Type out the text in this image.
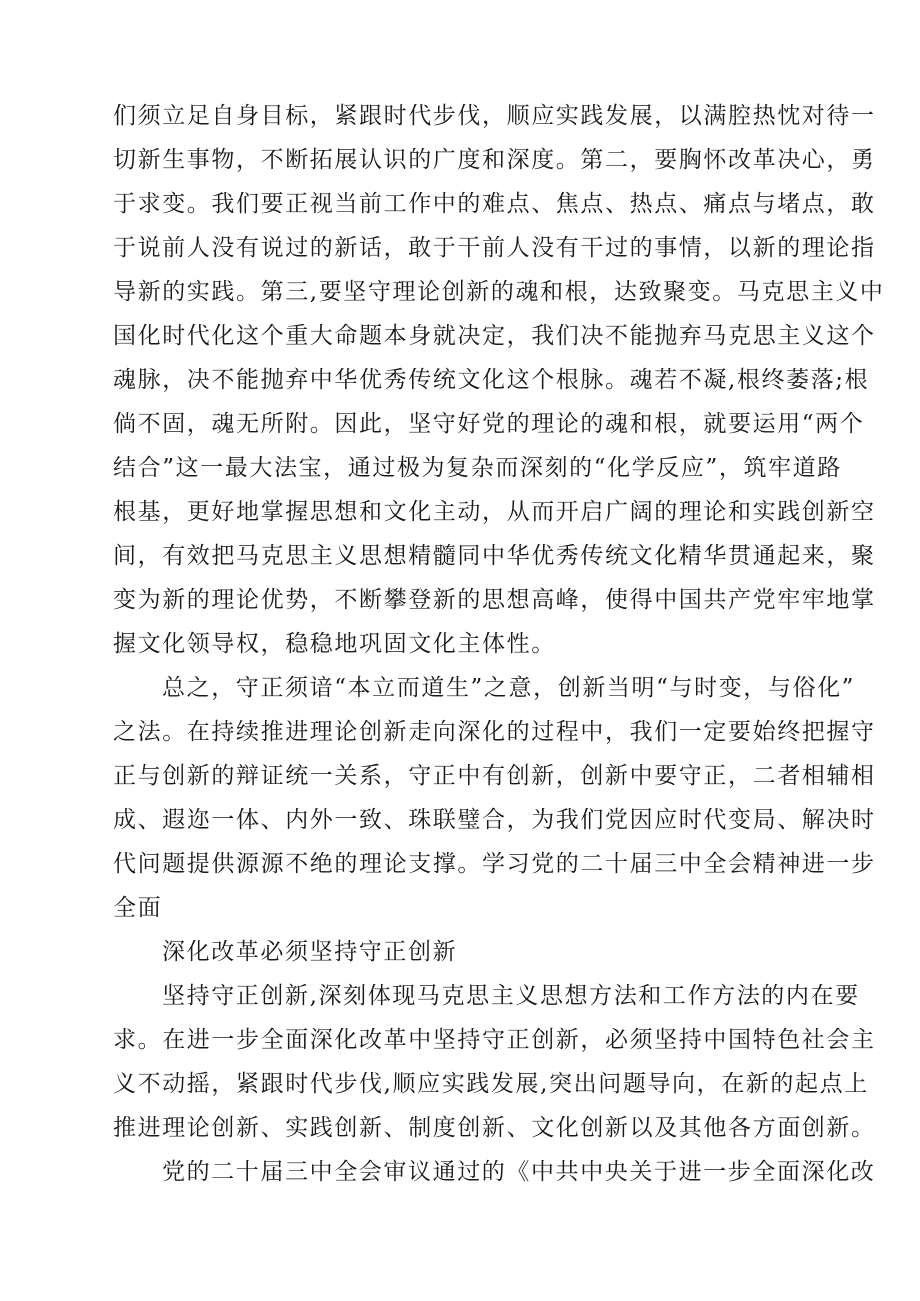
们须立足自身目标，紧跟时代步伐，顺应实践发展，以满腔热忱对待一
切新生事物，不断拓展认识的广度和深度。第二，要胸怀改革决心，勇
于求变。我们要正视当前工作中的难点、焦点、热点、痛点与堵点，敢
于说前人没有说过的新话，敢于干前人没有干过的事情，以新的理论指
导新的实践。第三,要坚守理论创新的魂和根，达致聚变。马克思主义中
国化时代化这个重大命题本身就决定，我们决不能抛弃马克思主义这个
魂脉，决不能抛弃中华优秀传统文化这个根脉。魂若不凝,根终萎落;根
倘不固，魂无所附。因此，坚守好党的理论的魂和根，就要运用“两个
结合”这一最大法宝，通过极为复杂而深刻的“化学反应”，筑牢道路
根基，更好地掌握思想和文化主动，从而开启广阔的理论和实践创新空
间，有效把马克思主义思想精髓同中华优秀传统文化精华贯通起来，聚
变为新的理论优势，不断攀登新的思想高峰，使得中国共产党牢牢地掌
握文化领导权，稳稳地巩固文化主体性。
总之，守正须谙“本立而道生”之意，创新当明“与时变，与俗化”
之法。在持续推进理论创新走向深化的过程中，我们一定要始终把握守
正与创新的辩证统一关系，守正中有创新，创新中要守正，二者相辅相
成、遐迩一体、内外一致、珠联璧合，为我们党因应时代变局、解决时
代问题提供源源不绝的理论支撑。学习党的二十届三中全会精神进一步
全面
深化改革必须坚持守正创新
坚持守正创新,深刻体现马克思主义思想方法和工作方法的内在要
求。在进一步全面深化改革中坚持守正创新，必须坚持中国特色社会主
义不动摇，紧跟时代步伐,顺应实践发展,突出问题导向，在新的起点上
推进理论创新、实践创新、制度创新、文化创新以及其他各方面创新。
党的二十届三中全会审议通过的《中共中央关于进一步全面深化改
